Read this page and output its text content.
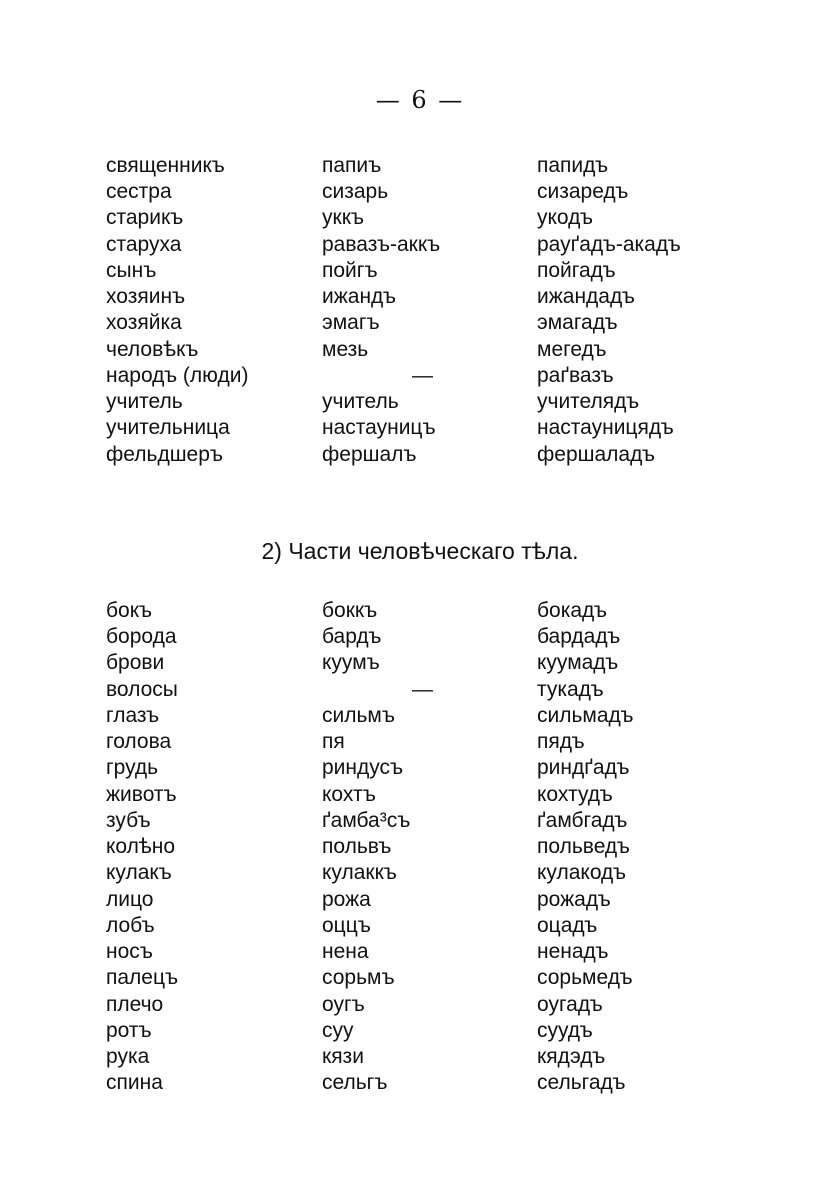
— 6 —
священникъ	папиъ	папидъ
сестра	сизарь	сизаредъ
старикъ	уккъ	укодъ
старуха	равазъ-аккъ	рауґадъ-акадъ
сынъ	пойгъ	пойгадъ
хозяинъ	ижандъ	ижандадъ
хозяйка	эмагъ	эмагадъ
человѣкъ	мезь	мегедъ
народъ (люди)	—	раґвазъ
учитель	учитель	учителядъ
учительница	настауницъ	настауницядъ
фельдшеръ	фершалъ	фершаладъ
2) Части человѣческаго тѣла.
бокъ	боккъ	бокадъ
борода	бардъ	бардадъ
брови	куумъ	куумадъ
волосы	—	тукадъ
глазъ	сильмъ	сильмадъ
голова	пя	пядъ
грудь	риндусъ	риндґадъ
животъ	кохтъ	кохтудъ
зубъ	ґамба³съ	ґамбгадъ
колѣно	польвъ	польведъ
кулакъ	кулаккъ	кулакодъ
лицо	рожа	рожадъ
лобъ	оццъ	оцадъ
носъ	нена	ненадъ
палецъ	сорьмъ	сорьмедъ
плечо	оугъ	оугадъ
ротъ	суу	суудъ
рука	кязи	кядэдъ
спина	сельгъ	сельгадъ
